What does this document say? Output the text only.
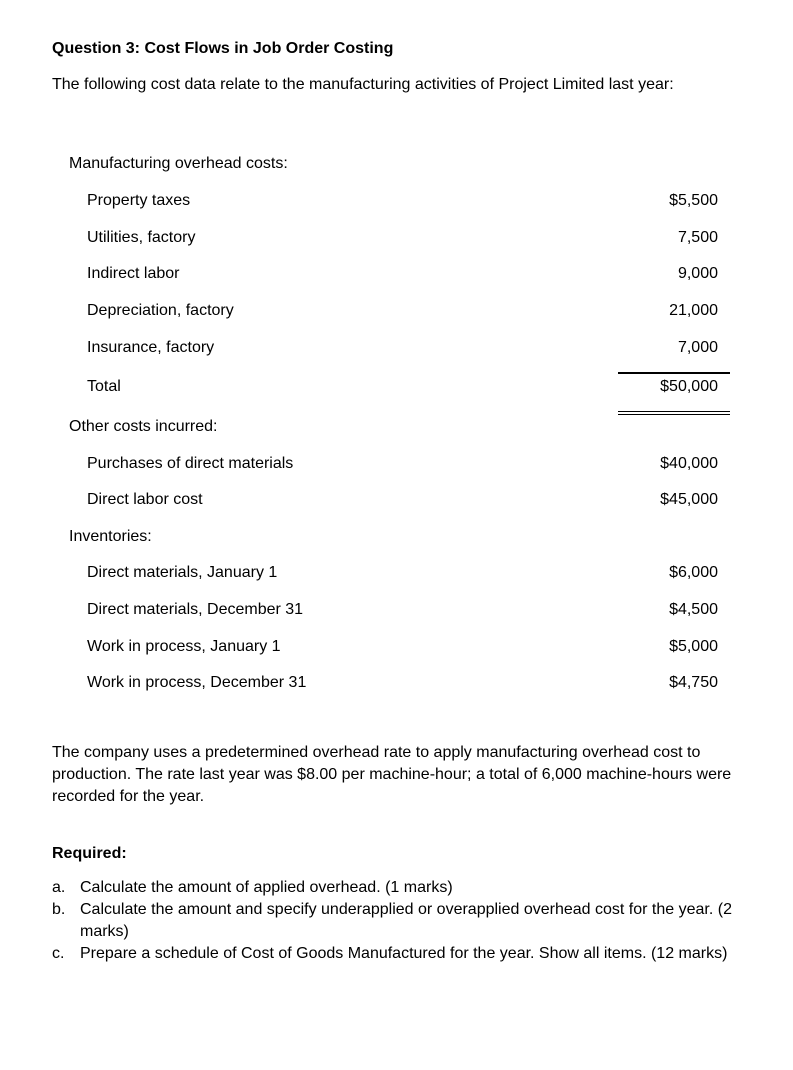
Question 3: Cost Flows in Job Order Costing
The following cost data relate to the manufacturing activities of Project Limited last year:
Manufacturing overhead costs:
Property taxes	$5,500
Utilities, factory	7,500
Indirect labor	9,000
Depreciation, factory	21,000
Insurance, factory	7,000
Total	$50,000
Other costs incurred:
Purchases of direct materials	$40,000
Direct labor cost	$45,000
Inventories:
Direct materials, January 1	$6,000
Direct materials, December 31	$4,500
Work in process, January 1	$5,000
Work in process, December 31	$4,750
The company uses a predetermined overhead rate to apply manufacturing overhead cost to production. The rate last year was $8.00 per machine-hour; a total of 6,000 machine-hours were recorded for the year.
Required:
a. Calculate the amount of applied overhead. (1 marks)
b. Calculate the amount and specify underapplied or overapplied overhead cost for the year. (2 marks)
c. Prepare a schedule of Cost of Goods Manufactured for the year. Show all items. (12 marks)
